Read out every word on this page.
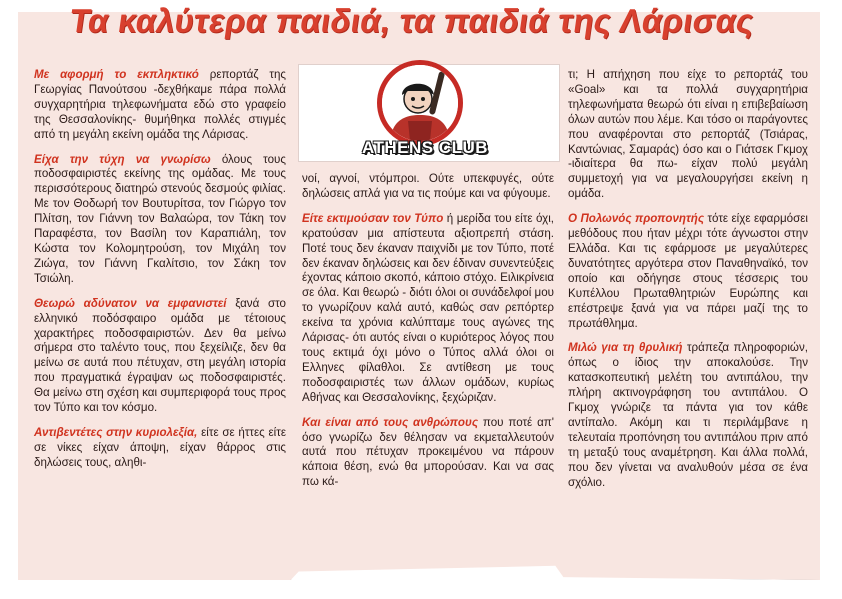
Τα καλύτερα παιδιά, τα παιδιά της Λάρισας

Με αφορμή το εκπληκτικό ρεπορτάζ της Γεωργίας Πανούτσου -δεχθήκαμε πάρα πολλά συγχαρητήρια τηλεφωνήματα εδώ στο γραφείο της Θεσσαλονίκης- θυμήθηκα πολλές στιγμές από τη μεγάλη εκείνη ομάδα της Λάρισας.

Είχα την τύχη να γνωρίσω όλους τους ποδοσφαιριστές εκείνης της ομάδας. Με τους περισσότερους διατηρώ στενούς δεσμούς φιλίας. Με τον Θοδωρή τον Βουτυρίτσα, τον Γιώργο τον Πλίτση, τον Γιάννη τον Βαλαώρα, τον Τάκη τον Παραφέστα, τον Βασίλη τον Καραπιάλη, τον Κώστα τον Κολομητρούση, τον Μιχάλη τον Ζιώγα, τον Γιάννη Γκαλίτσιο, τον Σάκη τον Τσιώλη.

Θεωρώ αδύνατον να εμφανιστεί ξανά στο ελληνικό ποδόσφαιρο ομάδα με τέτοιους χαρακτήρες ποδοσφαιριστών. Δεν θα μείνω σήμερα στο ταλέντο τους, που ξεχείλιζε, δεν θα μείνω σε αυτά που πέτυχαν, στη μεγάλη ιστορία που πραγματικά έγραψαν ως ποδοσφαιριστές. Θα μείνω στη σχέση και συμπεριφορά τους προς τον Τύπο και τον κόσμο.

Αντιβεντέτες στην κυριολεξία, είτε σε ήττες είτε σε νίκες είχαν άποψη, είχαν θάρρος στις δηλώσεις τους, αληθι-

ATHENS CLUB

νοί, αγνοί, ντόμπροι. Ούτε υπεκφυγές, ούτε δηλώσεις απλά για να τις πούμε και να φύγουμε.

Είτε εκτιμούσαν τον Τύπο ή μερίδα του είτε όχι, κρατούσαν μια απίστευτα αξιοπρεπή στάση. Ποτέ τους δεν έκαναν παιχνίδι με τον Τύπο, ποτέ δεν έκαναν δηλώσεις και δεν έδιναν συνεντεύξεις έχοντας κάποιο σκοπό, κάποιο στόχο. Ειλικρίνεια σε όλα. Και θεωρώ - διότι όλοι οι συνάδελφοί μου το γνωρίζουν καλά αυτό, καθώς σαν ρεπόρτερ εκείνα τα χρόνια καλύπταμε τους αγώνες της Λάρισας- ότι αυτός είναι ο κυριότερος λόγος που τους εκτιμά όχι μόνο ο Τύπος αλλά όλοι οι Ελληνες φίλαθλοι. Σε αντίθεση με τους ποδοσφαιριστές των άλλων ομάδων, κυρίως Αθήνας και Θεσσαλονίκης, ξεχώριζαν.

Και είναι από τους ανθρώπους που ποτέ απ' όσο γνωρίζω δεν θέλησαν να εκμεταλλευτούν αυτά που πέτυχαν προκειμένου να πάρουν κάποια θέση, ενώ θα μπορούσαν. Και να σας πω κά-

τι; Η απήχηση που είχε το ρεπορτάζ του «Goal» και τα πολλά συγχαρητήρια τηλεφωνήματα θεωρώ ότι είναι η επιβεβαίωση όλων αυτών που λέμε. Και τόσο οι παράγοντες που αναφέρονται στο ρεπορτάζ (Τσιάρας, Καντώνιας, Σαμαράς) όσο και ο Γιάτσεκ Γκμοχ -ιδιαίτερα θα πω- είχαν πολύ μεγάλη συμμετοχή για να μεγαλουργήσει εκείνη η ομάδα.

Ο Πολωνός προπονητής τότε είχε εφαρμόσει μεθόδους που ήταν μέχρι τότε άγνωστοι στην Ελλάδα. Και τις εφάρμοσε με μεγαλύτερες δυνατότητες αργότερα στον Παναθηναϊκό, τον οποίο και οδήγησε στους τέσσερις του Κυπέλλου Πρωταθλητριών Ευρώπης και επέστρεψε ξανά για να πάρει μαζί της το πρωτάθλημα.

Μιλώ για τη θρυλική τράπεζα πληροφοριών, όπως ο ίδιος την αποκαλούσε. Την κατασκοπευτική μελέτη του αντιπάλου, την πλήρη ακτινογράφηση του αντιπάλου. Ο Γκμοχ γνώριζε τα πάντα για τον κάθε αντίπαλο. Ακόμη και τι περιλάμβανε η τελευταία προπόνηση του αντιπάλου πριν από τη μεταξύ τους αναμέτρηση. Και άλλα πολλά, που δεν γίνεται να αναλυθούν μέσα σε ένα σχόλιο.
